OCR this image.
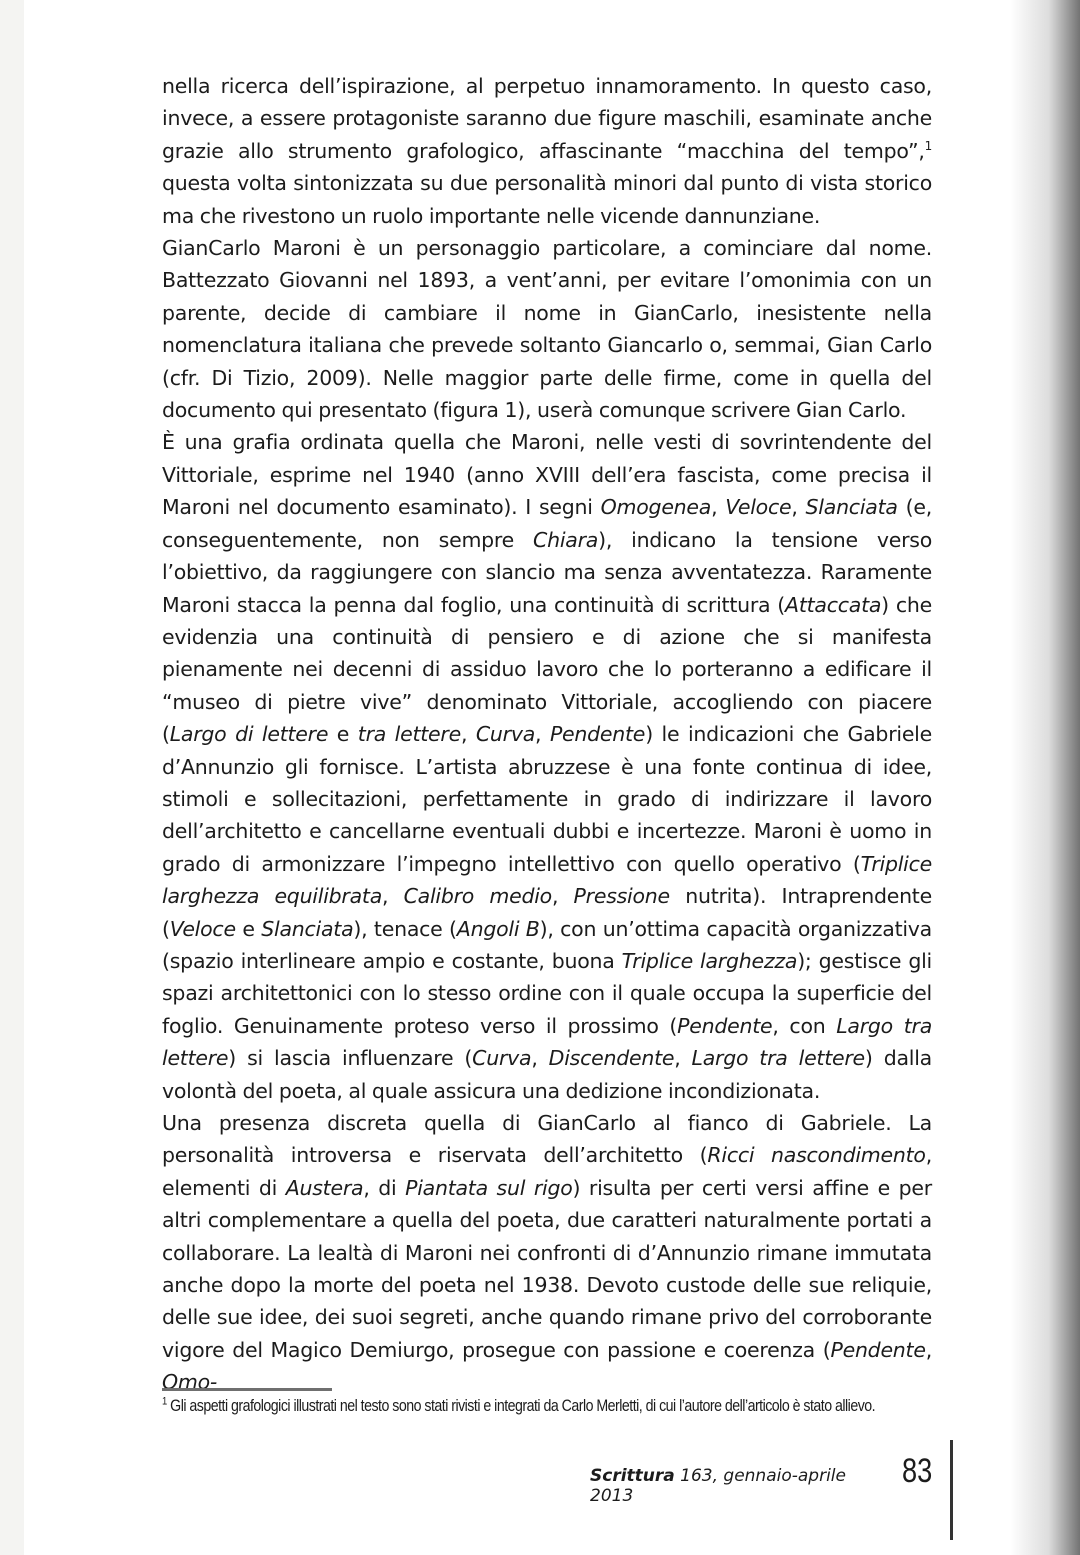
nella ricerca dell’ispirazione, al perpetuo innamoramento. In questo caso, invece, a essere protagoniste saranno due figure maschili, esaminate anche grazie allo strumento grafologico, affascinante “macchina del tempo”,$^1$ questa volta sintonizzata su due personalità minori dal punto di vista storico ma che rivestono un ruolo importante nelle vicende dannunziane.

GianCarlo Maroni è un personaggio particolare, a cominciare dal nome. Battezzato Giovanni nel 1893, a vent’anni, per evitare l’omonimia con un parente, decide di cambiare il nome in GianCarlo, inesistente nella nomenclatura italiana che prevede soltanto Giancarlo o, semmai, Gian Carlo (cfr. Di Tizio, 2009). Nelle maggior parte delle firme, come in quella del documento qui presentato (figura 1), userà comunque scrivere Gian Carlo.

È una grafia ordinata quella che Maroni, nelle vesti di sovrintendente del Vittoriale, esprime nel 1940 (anno XVIII dell’era fascista, come precisa il Maroni nel documento esaminato). I segni Omogenea, Veloce, Slanciata (e, conseguentemente, non sempre Chiara), indicano la tensione verso l’obiettivo, da raggiungere con slancio ma senza avventatezza. Raramente Maroni stacca la penna dal foglio, una continuità di scrittura (Attaccata) che evidenzia una continuità di pensiero e di azione che si manifesta pienamente nei decenni di assiduo lavoro che lo porteranno a edificare il “museo di pietre vive” denominato Vittoriale, accogliendo con piacere (Largo di lettere e tra lettere, Curva, Pendente) le indicazioni che Gabriele d’Annunzio gli fornisce. L’artista abruzzese è una fonte continua di idee, stimoli e sollecitazioni, perfettamente in grado di indirizzare il lavoro dell’architetto e cancellarne eventuali dubbi e incertezze. Maroni è uomo in grado di armonizzare l’impegno intellettivo con quello operativo (Triplice larghezza equilibrata, Calibro medio, Pressione nutrita). Intraprendente (Veloce e Slanciata), tenace (Angoli B), con un’ottima capacità organizzativa (spazio interlineare ampio e costante, buona Triplice larghezza); gestisce gli spazi architettonici con lo stesso ordine con il quale occupa la superficie del foglio. Genuinamente proteso verso il prossimo (Pendente, con Largo tra lettere) si lascia influenzare (Curva, Discendente, Largo tra lettere) dalla volontà del poeta, al quale assicura una dedizione incondizionata.

Una presenza discreta quella di GianCarlo al fianco di Gabriele. La personalità introversa e riservata dell’architetto (Ricci nascondimento, elementi di Austera, di Piantata sul rigo) risulta per certi versi affine e per altri complementare a quella del poeta, due caratteri naturalmente portati a collaborare. La lealtà di Maroni nei confronti di d’Annunzio rimane immutata anche dopo la morte del poeta nel 1938. Devoto custode delle sue reliquie, delle sue idee, dei suoi segreti, anche quando rimane privo del corroborante vigore del Magico Demiurgo, prosegue con passione e coerenza (Pendente, Omo-

$^1$ Gli aspetti grafologici illustrati nel testo sono stati rivisti e integrati da Carlo Merletti, di cui l’autore dell’articolo è stato allievo.
Scrittura 163, gennaio-aprile 2013
83
